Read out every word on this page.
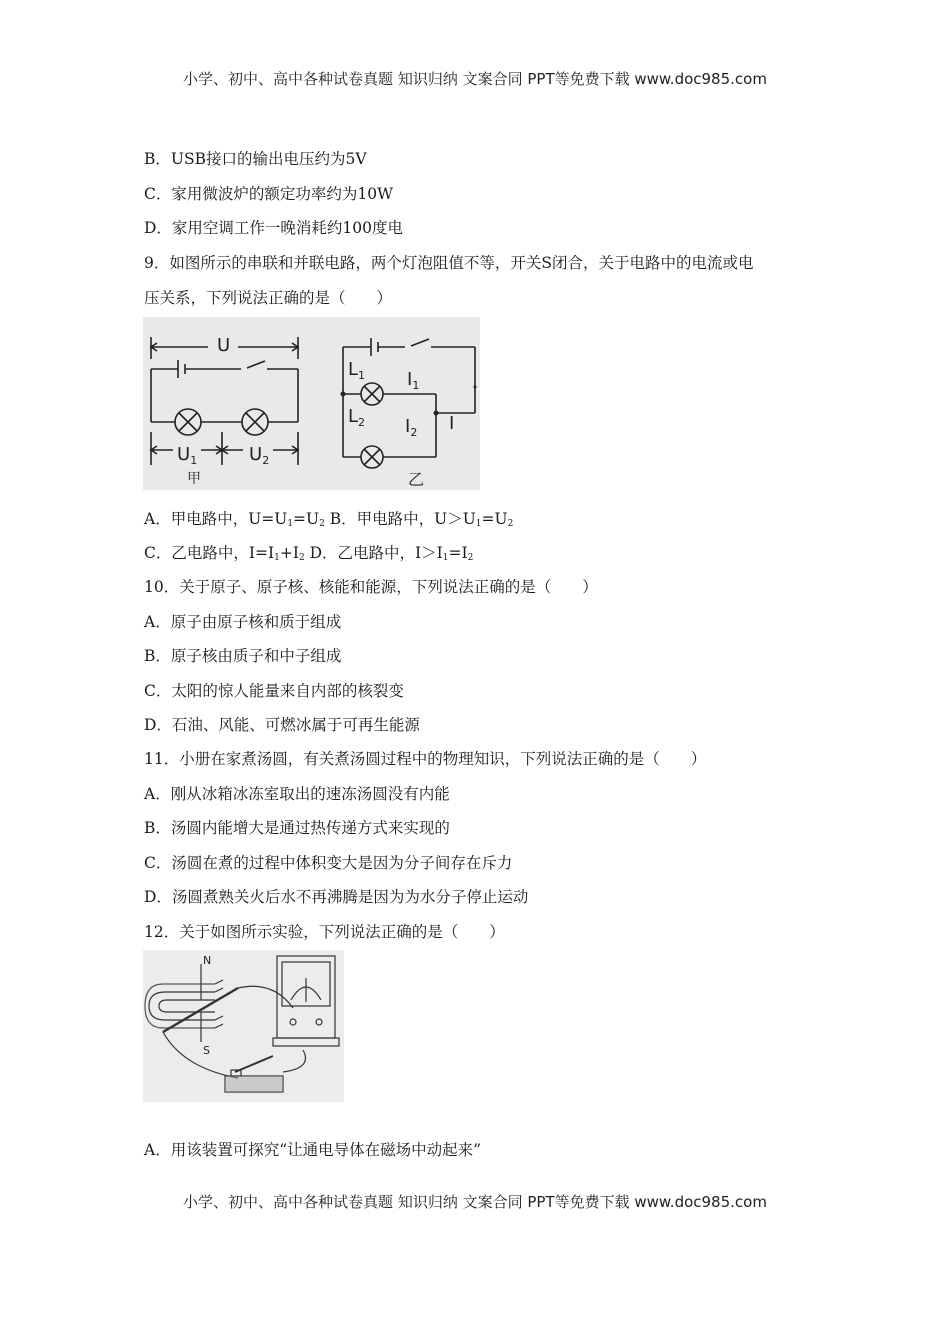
小学、初中、高中各种试卷真题 知识归纳 文案合同 PPT等免费下载 www.doc985.com
B．USB接口的输出电压约为5V
C．家用微波炉的额定功率约为10W
D．家用空调工作一晚消耗约100度电
9．如图所示的串联和并联电路，两个灯泡阻值不等，开关S闭合，关于电路中的电流或电
压关系，下列说法正确的是（　　）
U
$U_1$	$U_2$
甲
$L_1$ $I_1$
$L_2$ $I_2$ I
乙
A．甲电路中，$U=U_1=U_2$ B．甲电路中，$U>U_1=U_2$
C．乙电路中，$I=I_1+I_2$ D．乙电路中，$I>I_1=I_2$
10．关于原子、原子核、核能和能源，下列说法正确的是（　　）
A．原子由原子核和质于组成
B．原子核由质子和中子组成
C．太阳的惊人能量来自内部的核裂变
D．石油、风能、可燃冰属于可再生能源
11．小册在家煮汤圆，有关煮汤圆过程中的物理知识，下列说法正确的是（　　）
A．刚从冰箱冰冻室取出的速冻汤圆没有内能
B．汤圆内能增大是通过热传递方式来实现的
C．汤圆在煮的过程中体积变大是因为分子间存在斥力
D．汤圆煮熟关火后水不再沸腾是因为为水分子停止运动
12．关于如图所示实验，下列说法正确的是（　　）
N
S
A．用该装置可探究“让通电导体在磁场中动起来”
小学、初中、高中各种试卷真题 知识归纳 文案合同 PPT等免费下载 www.doc985.com
